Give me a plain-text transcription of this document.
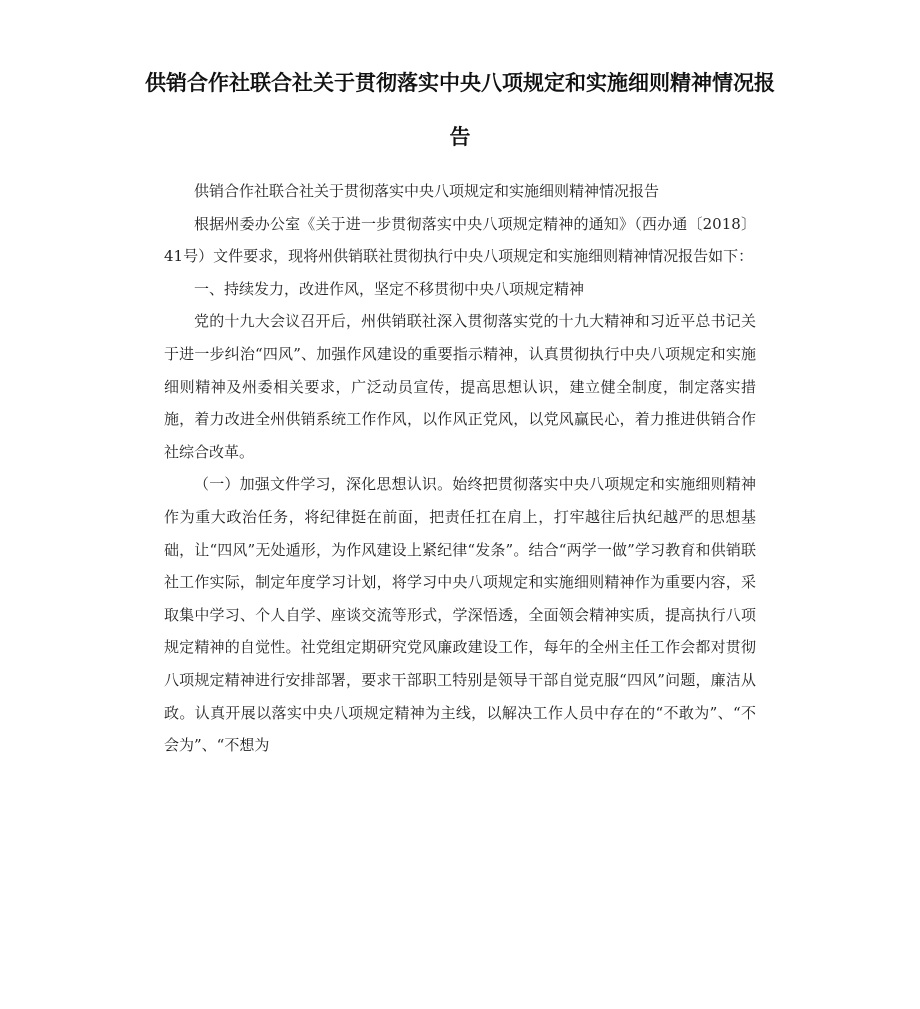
供销合作社联合社关于贯彻落实中央八项规定和实施细则精神情况报告

供销合作社联合社关于贯彻落实中央八项规定和实施细则精神情况报告

根据州委办公室《关于进一步贯彻落实中央八项规定精神的通知》（西办通〔2018〕41号）文件要求，现将州供销联社贯彻执行中央八项规定和实施细则精神情况报告如下：

一、持续发力，改进作风，坚定不移贯彻中央八项规定精神

党的十九大会议召开后，州供销联社深入贯彻落实党的十九大精神和习近平总书记关于进一步纠治“四风”、加强作风建设的重要指示精神，认真贯彻执行中央八项规定和实施细则精神及州委相关要求，广泛动员宣传，提高思想认识，建立健全制度，制定落实措施，着力改进全州供销系统工作作风，以作风正党风，以党风赢民心，着力推进供销合作社综合改革。

（一）加强文件学习，深化思想认识。始终把贯彻落实中央八项规定和实施细则精神作为重大政治任务，将纪律挺在前面，把责任扛在肩上，打牢越往后执纪越严的思想基础，让“四风”无处遁形，为作风建设上紧纪律“发条”。结合“两学一做”学习教育和供销联社工作实际，制定年度学习计划，将学习中央八项规定和实施细则精神作为重要内容，采取集中学习、个人自学、座谈交流等形式，学深悟透，全面领会精神实质，提高执行八项规定精神的自觉性。社党组定期研究党风廉政建设工作，每年的全州主任工作会都对贯彻八项规定精神进行安排部署，要求干部职工特别是领导干部自觉克服“四风”问题，廉洁从政。认真开展以落实中央八项规定精神为主线，以解决工作人员中存在的“不敢为”、“不会为”、“不想为
